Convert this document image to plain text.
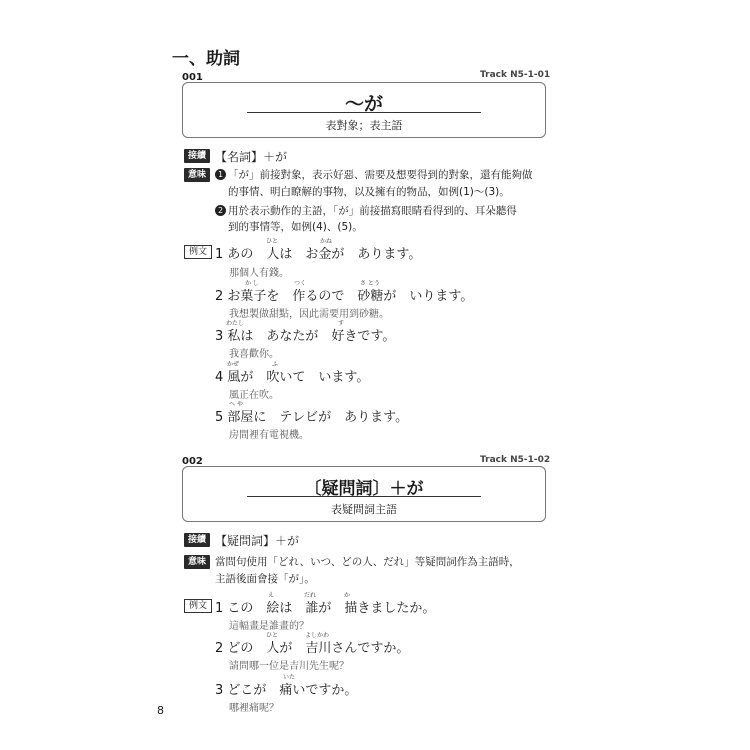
一、助詞
001	Track N5-1-01
～が
表對象；表主語
接續 【名詞】＋が
意味	1 「が」前接對象，表示好惡、需要及想要得到的對象，還有能夠做
的事情、明白瞭解的事物，以及擁有的物品，如例(1)〜(3)。
2 用於表示動作的主語，「が」前接描寫眼睛看得到的、耳朵聽得
到的事情等，如例(4)、(5)。
例文 1 あの　人は　お金が　あります。
ひと	かね
那個人有錢。
2 お菓子を　作るので　砂糖が　いります。
か し	つく	さ とう
我想製做甜點，因此需要用到砂糖。
3 私は　あなたが　好きです。
わたし	す
我喜歡你。
4 風が　吹いて　います。
かぜ	ふ
風正在吹。
5 部屋に　テレビが　あります。
へ や
房間裡有電視機。
002	Track N5-1-02
〔疑問詞〕＋が
表疑問詞主語
接續 【疑問詞】＋が
意味 當問句使用「どれ、いつ、どの人、だれ」等疑問詞作為主語時，
主語後面會接「が」。
例文 1 この　絵は　誰が　描きましたか。
え	だれ	か
這幅畫是誰畫的？
2 どの　人が　吉川さんですか。
ひと	よしかわ
請問哪一位是吉川先生呢？
3 どこが　痛いですか。
いた
哪裡痛呢？
8
